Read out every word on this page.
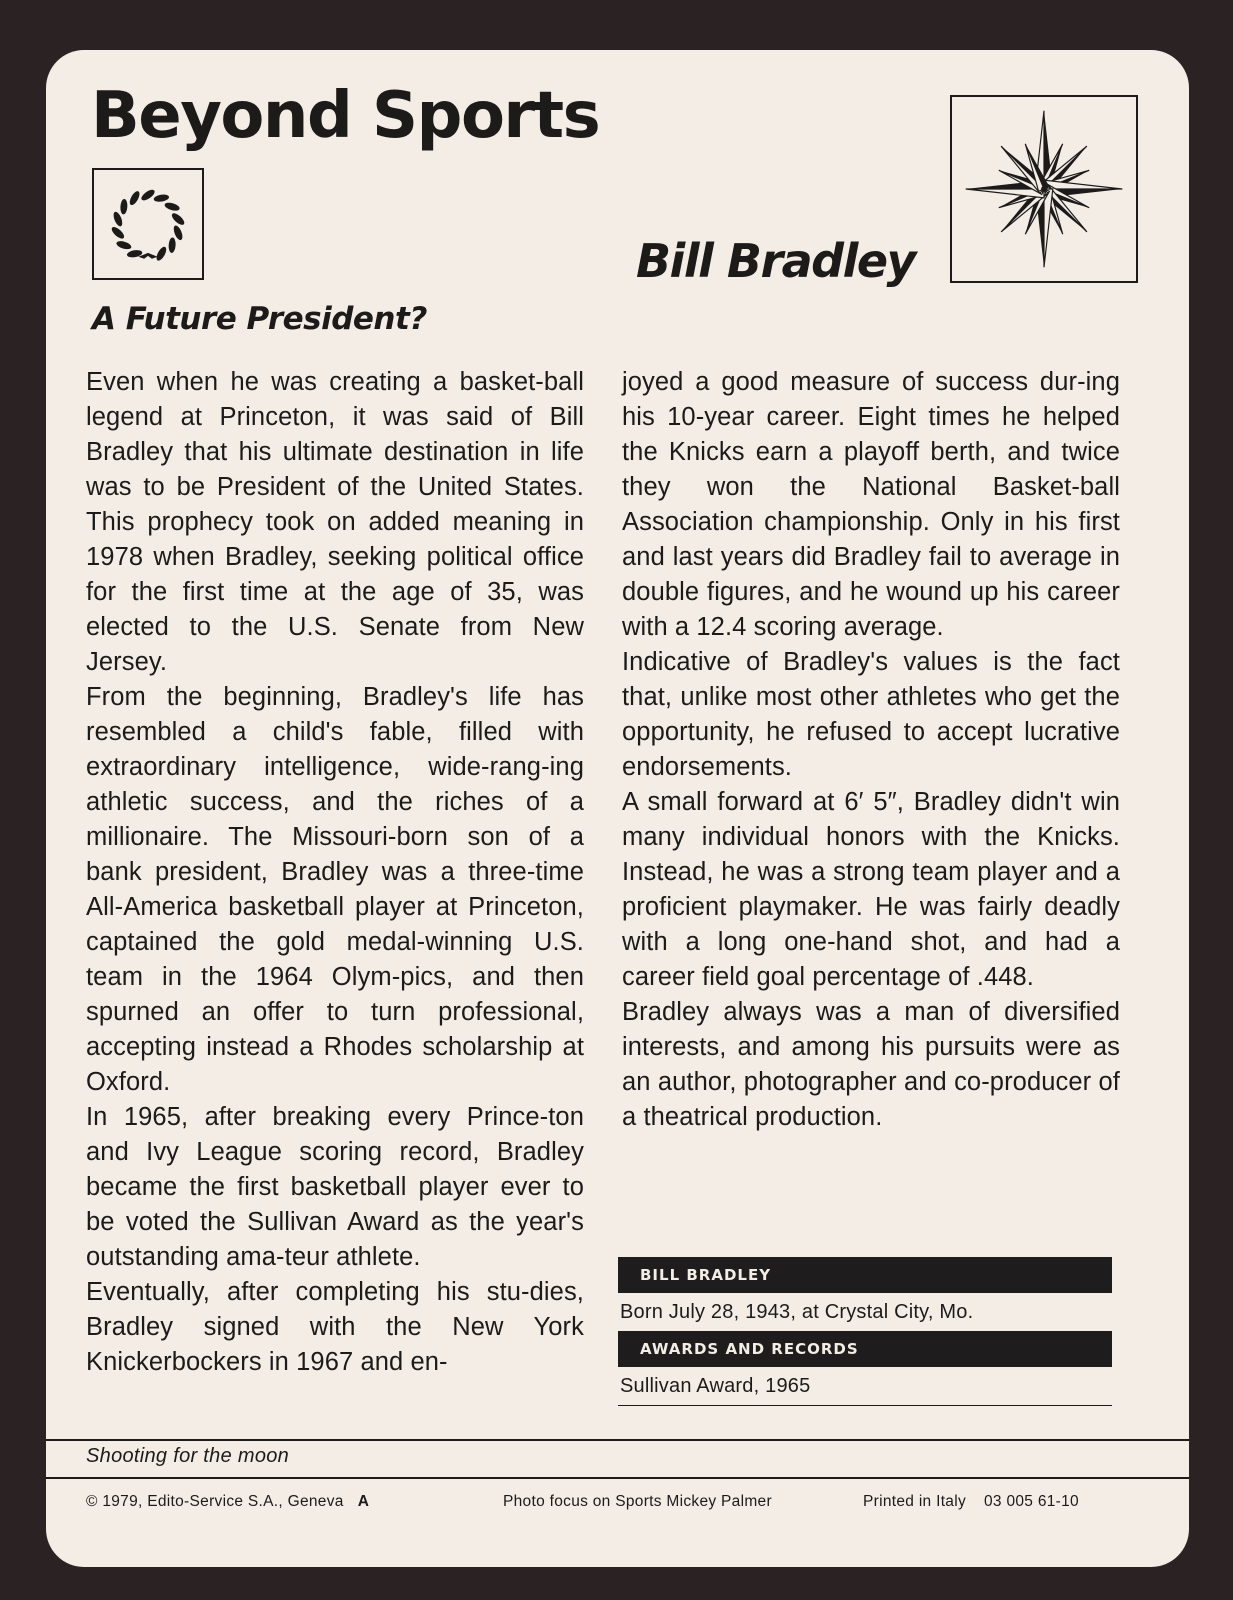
Beyond Sports
Bill Bradley
A Future President?

Even when he was creating a basket-ball legend at Princeton, it was said of Bill Bradley that his ultimate destination in life was to be President of the United States. This prophecy took on added meaning in 1978 when Bradley, seeking political office for the first time at the age of 35, was elected to the U.S. Senate from New Jersey.

From the beginning, Bradley's life has resembled a child's fable, filled with extraordinary intelligence, wide-rang-ing athletic success, and the riches of a millionaire. The Missouri-born son of a bank president, Bradley was a three-time All-America basketball player at Princeton, captained the gold medal-winning U.S. team in the 1964 Olym-pics, and then spurned an offer to turn professional, accepting instead a Rhodes scholarship at Oxford.

In 1965, after breaking every Prince-ton and Ivy League scoring record, Bradley became the first basketball player ever to be voted the Sullivan Award as the year's outstanding ama-teur athlete.

Eventually, after completing his stu-dies, Bradley signed with the New York Knickerbockers in 1967 and en-

joyed a good measure of success dur-ing his 10-year career. Eight times he helped the Knicks earn a playoff berth, and twice they won the National Basket-ball Association championship. Only in his first and last years did Bradley fail to average in double figures, and he wound up his career with a 12.4 scoring average.

Indicative of Bradley's values is the fact that, unlike most other athletes who get the opportunity, he refused to accept lucrative endorsements.

A small forward at 6′ 5″, Bradley didn't win many individual honors with the Knicks. Instead, he was a strong team player and a proficient playmaker. He was fairly deadly with a long one-hand shot, and had a career field goal percentage of .448.

Bradley always was a man of diversified interests, and among his pursuits were as an author, photographer and co-producer of a theatrical production.

BILL BRADLEY
Born July 28, 1943, at Crystal City, Mo.
AWARDS AND RECORDS
Sullivan Award, 1965
Shooting for the moon
© 1979, Edito-Service S.A., Geneva A	Photo focus on Sports Mickey Palmer	Printed in Italy 03 005 61-10
